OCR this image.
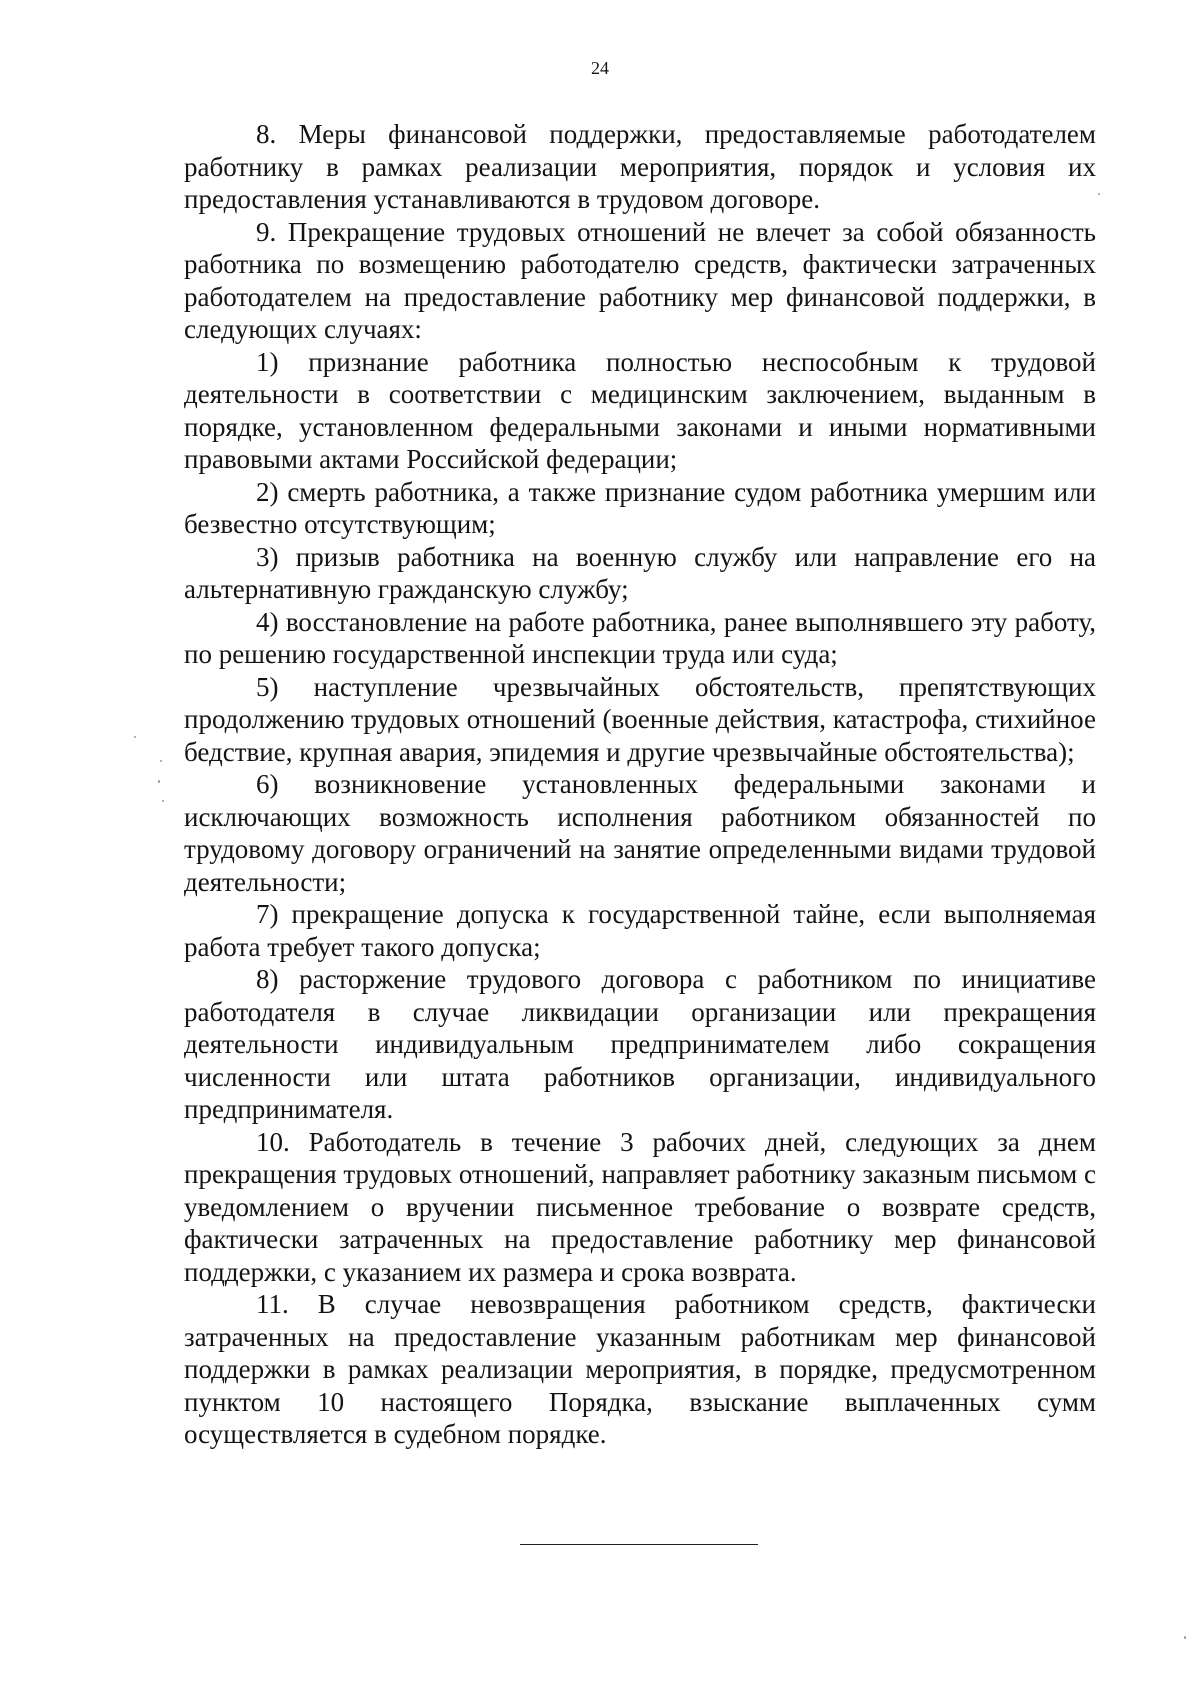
24

8. Меры финансовой поддержки, предоставляемые работодателем работнику в рамках реализации мероприятия, порядок и условия их предоставления устанавливаются в трудовом договоре.

9. Прекращение трудовых отношений не влечет за собой обязанность работника по возмещению работодателю средств, фактически затраченных работодателем на предоставление работнику мер финансовой поддержки, в следующих случаях:

1) признание работника полностью неспособным к трудовой деятельности в соответствии с медицинским заключением, выданным в порядке, установленном федеральными законами и иными нормативными правовыми актами Российской федерации;

2) смерть работника, а также признание судом работника умершим или безвестно отсутствующим;

3) призыв работника на военную службу или направление его на альтернативную гражданскую службу;

4) восстановление на работе работника, ранее выполнявшего эту работу, по решению государственной инспекции труда или суда;

5) наступление чрезвычайных обстоятельств, препятствующих продолжению трудовых отношений (военные действия, катастрофа, стихийное бедствие, крупная авария, эпидемия и другие чрезвычайные обстоятельства);

6) возникновение установленных федеральными законами и исключающих возможность исполнения работником обязанностей по трудовому договору ограничений на занятие определенными видами трудовой деятельности;

7) прекращение допуска к государственной тайне, если выполняемая работа требует такого допуска;

8) расторжение трудового договора с работником по инициативе работодателя в случае ликвидации организации или прекращения деятельности индивидуальным предпринимателем либо сокращения численности или штата работников организации, индивидуального предпринимателя.

10. Работодатель в течение 3 рабочих дней, следующих за днем прекращения трудовых отношений, направляет работнику заказным письмом с уведомлением о вручении письменное требование о возврате средств, фактически затраченных на предоставление работнику мер финансовой поддержки, с указанием их размера и срока возврата.

11. В случае невозвращения работником средств, фактически затраченных на предоставление указанным работникам мер финансовой поддержки в рамках реализации мероприятия, в порядке, предусмотренном пунктом 10 настоящего Порядка, взыскание выплаченных сумм осуществляется в судебном порядке.
